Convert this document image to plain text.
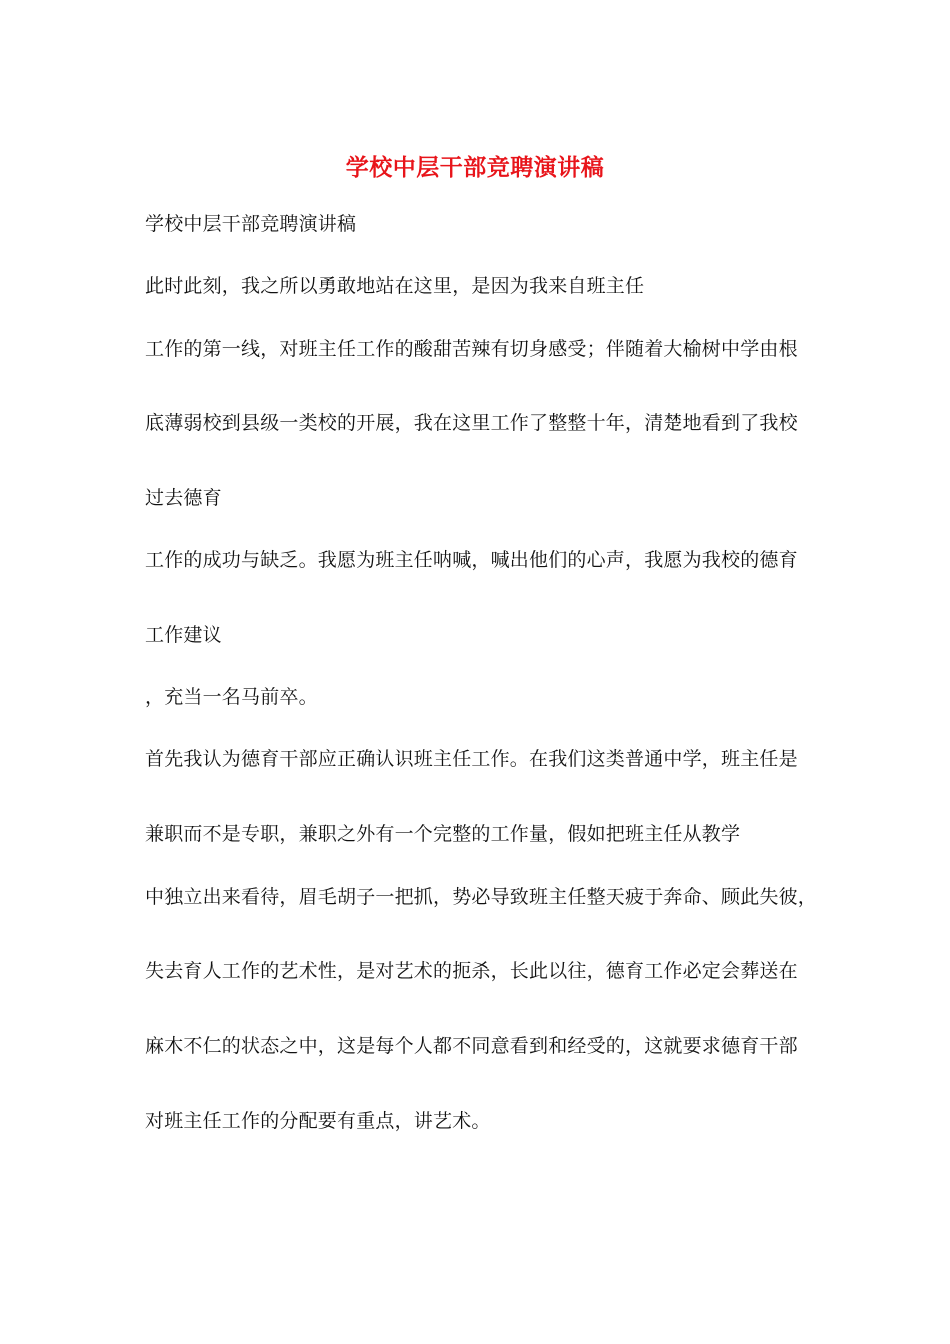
学校中层干部竞聘演讲稿
学校中层干部竞聘演讲稿
此时此刻，我之所以勇敢地站在这里，是因为我来自班主任
工作的第一线，对班主任工作的酸甜苦辣有切身感受；伴随着大榆树中学由根
底薄弱校到县级一类校的开展，我在这里工作了整整十年，清楚地看到了我校
过去德育
工作的成功与缺乏。我愿为班主任呐喊，喊出他们的心声，我愿为我校的德育
工作建议
，充当一名马前卒。
首先我认为德育干部应正确认识班主任工作。在我们这类普通中学，班主任是
兼职而不是专职，兼职之外有一个完整的工作量，假如把班主任从教学
中独立出来看待，眉毛胡子一把抓，势必导致班主任整天疲于奔命、顾此失彼，
失去育人工作的艺术性，是对艺术的扼杀，长此以往，德育工作必定会葬送在
麻木不仁的状态之中，这是每个人都不同意看到和经受的，这就要求德育干部
对班主任工作的分配要有重点，讲艺术。
